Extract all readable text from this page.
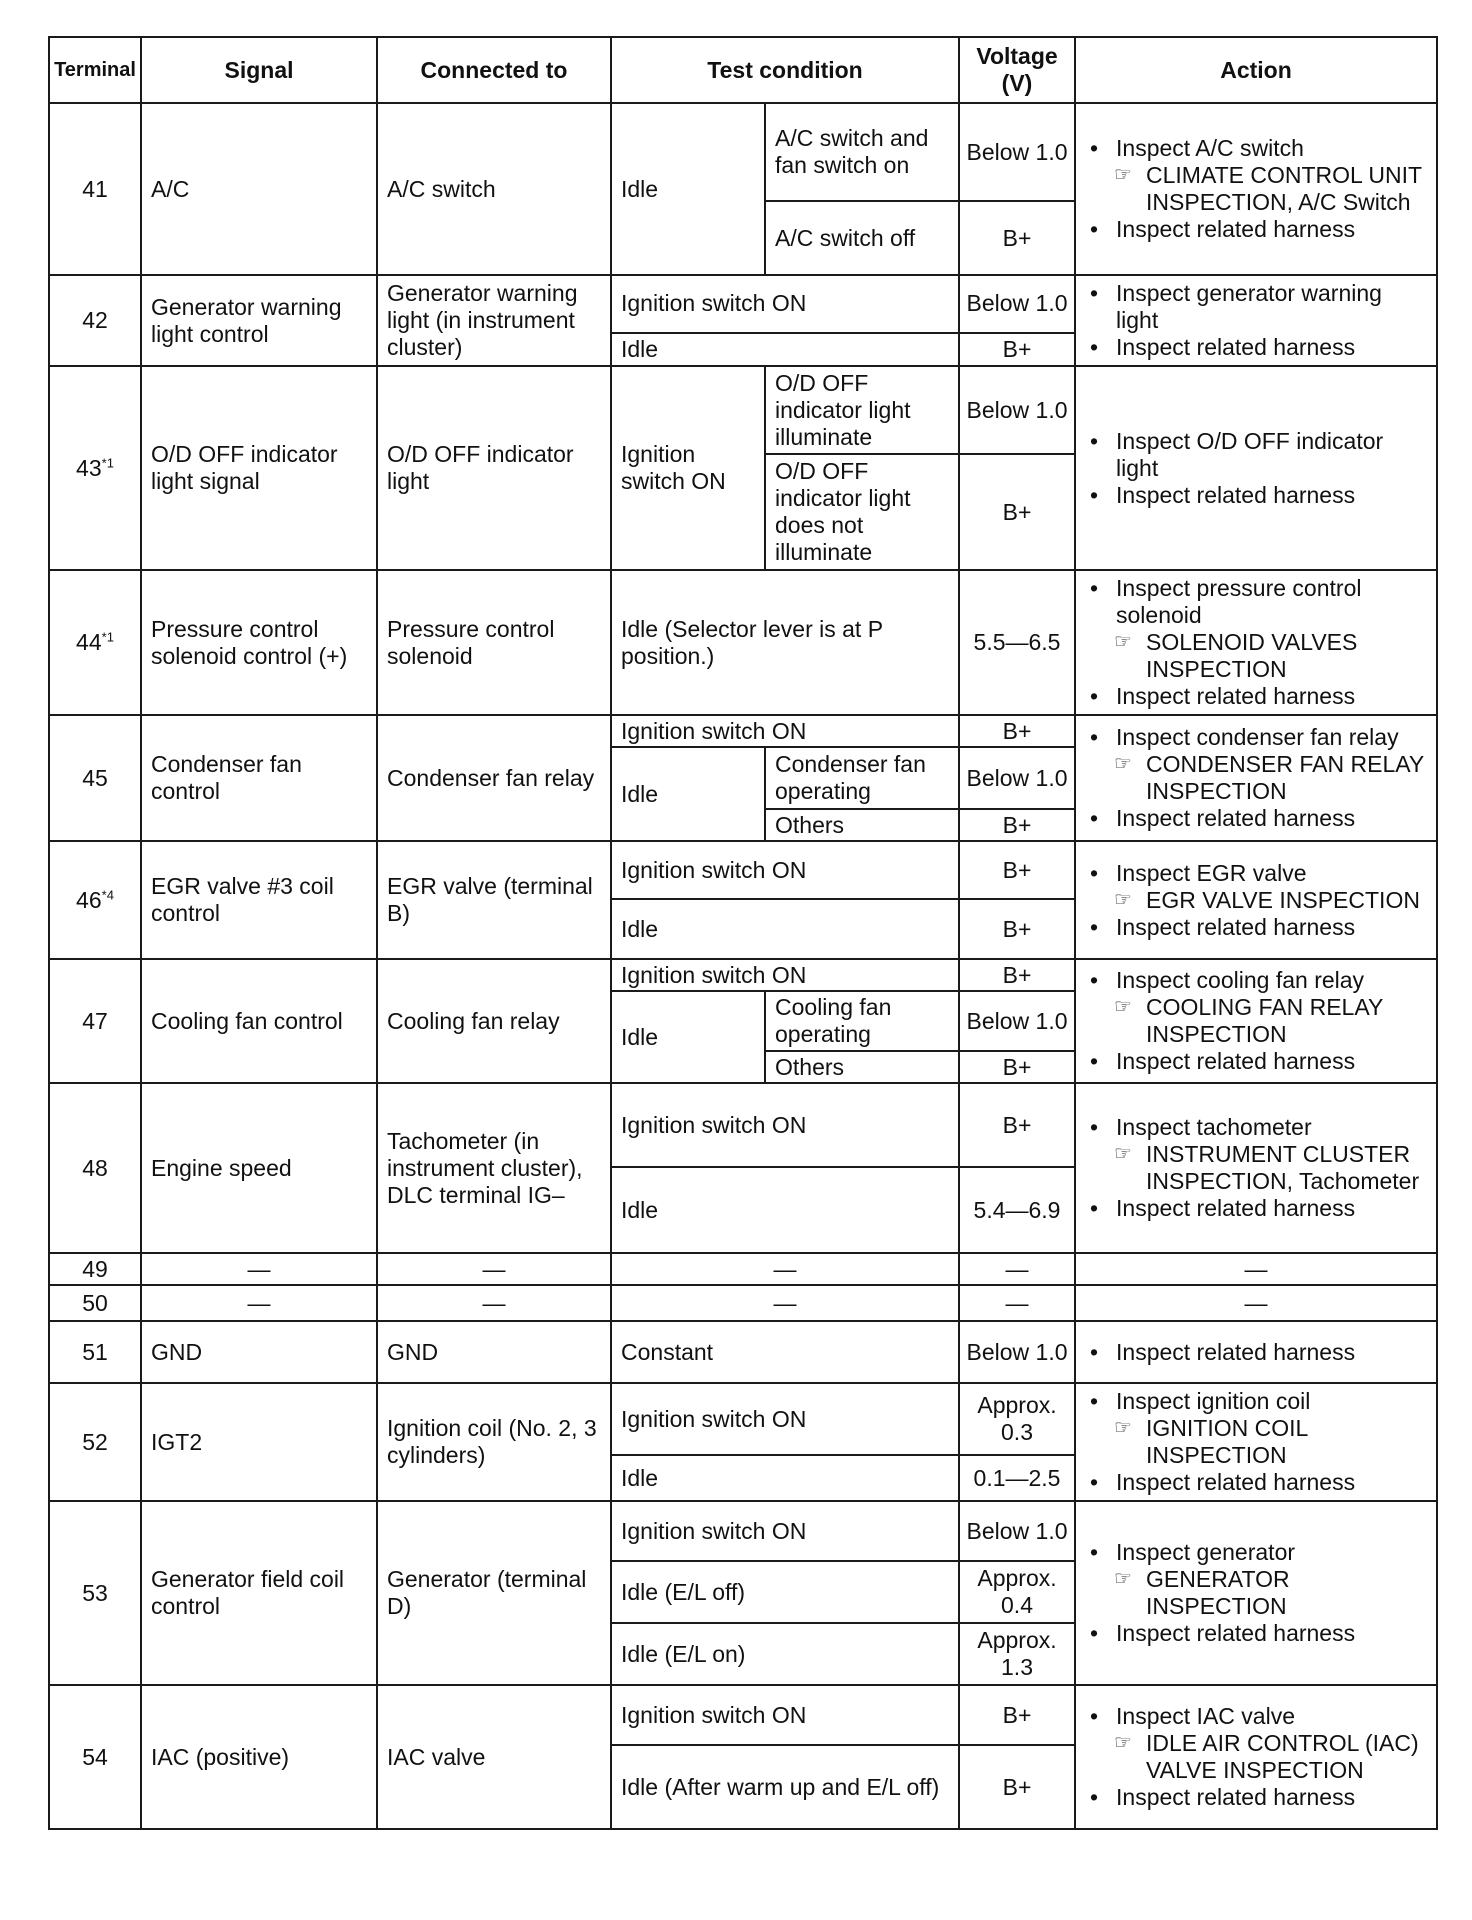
Terminal	Signal	Connected to	Test condition		Voltage
(V)	Action
41	A/C	A/C switch	Idle	A/C switch and fan switch on	Below 1.0	• Inspect A/C switch
☞ CLIMATE CONTROL UNIT INSPECTION, A/C Switch
• Inspect related harness

				A/C switch off	B+	
42	Generator warning light control	Generator warning light (in instrument cluster)	Ignition switch ON		Below 1.0	• Inspect generator warning light
• Inspect related harness

			Idle		B+	
43$^{*1}$	O/D OFF indicator light signal	O/D OFF indicator light	Ignition switch ON	O/D OFF indicator light illuminate	Below 1.0	• Inspect O/D OFF indicator light
• Inspect related harness

				O/D OFF indicator light does not illuminate	B+	
44$^{*1}$	Pressure control solenoid control (+)	Pressure control solenoid	Idle (Selector lever is at P position.)		5.5—6.5	• Inspect pressure control solenoid
☞ SOLENOID VALVES INSPECTION
• Inspect related harness

45	Condenser fan control	Condenser fan relay	Ignition switch ON		B+	• Inspect condenser fan relay
☞ CONDENSER FAN RELAY INSPECTION
• Inspect related harness

			Idle	Condenser fan operating	Below 1.0	
				Others	B+	
46$^{*4}$	EGR valve #3 coil control	EGR valve (terminal B)	Ignition switch ON		B+	• Inspect EGR valve
☞ EGR VALVE INSPECTION
• Inspect related harness

			Idle		B+	
47	Cooling fan control	Cooling fan relay	Ignition switch ON		B+	• Inspect cooling fan relay
☞ COOLING FAN RELAY INSPECTION
• Inspect related harness

			Idle	Cooling fan operating	Below 1.0	
				Others	B+	
48	Engine speed	Tachometer (in instrument cluster), DLC terminal IG–	Ignition switch ON		B+	• Inspect tachometer
☞ INSTRUMENT CLUSTER INSPECTION, Tachometer
• Inspect related harness

			Idle		5.4—6.9	
49	—	—	—		—	—
50	—	—	—		—	—
51	GND	GND	Constant		Below 1.0	• Inspect related harness

52	IGT2	Ignition coil (No. 2, 3 cylinders)	Ignition switch ON		Approx. 0.3	• Inspect ignition coil
☞ IGNITION COIL INSPECTION
• Inspect related harness

			Idle		0.1—2.5	
53	Generator field coil control	Generator (terminal D)	Ignition switch ON		Below 1.0	• Inspect generator
☞ GENERATOR INSPECTION
• Inspect related harness

			Idle (E/L off)		Approx. 0.4	
			Idle (E/L on)		Approx. 1.3	
54	IAC (positive)	IAC valve	Ignition switch ON		B+	• Inspect IAC valve
☞ IDLE AIR CONTROL (IAC) VALVE INSPECTION
• Inspect related harness

			Idle (After warm up and E/L off)		B+	
